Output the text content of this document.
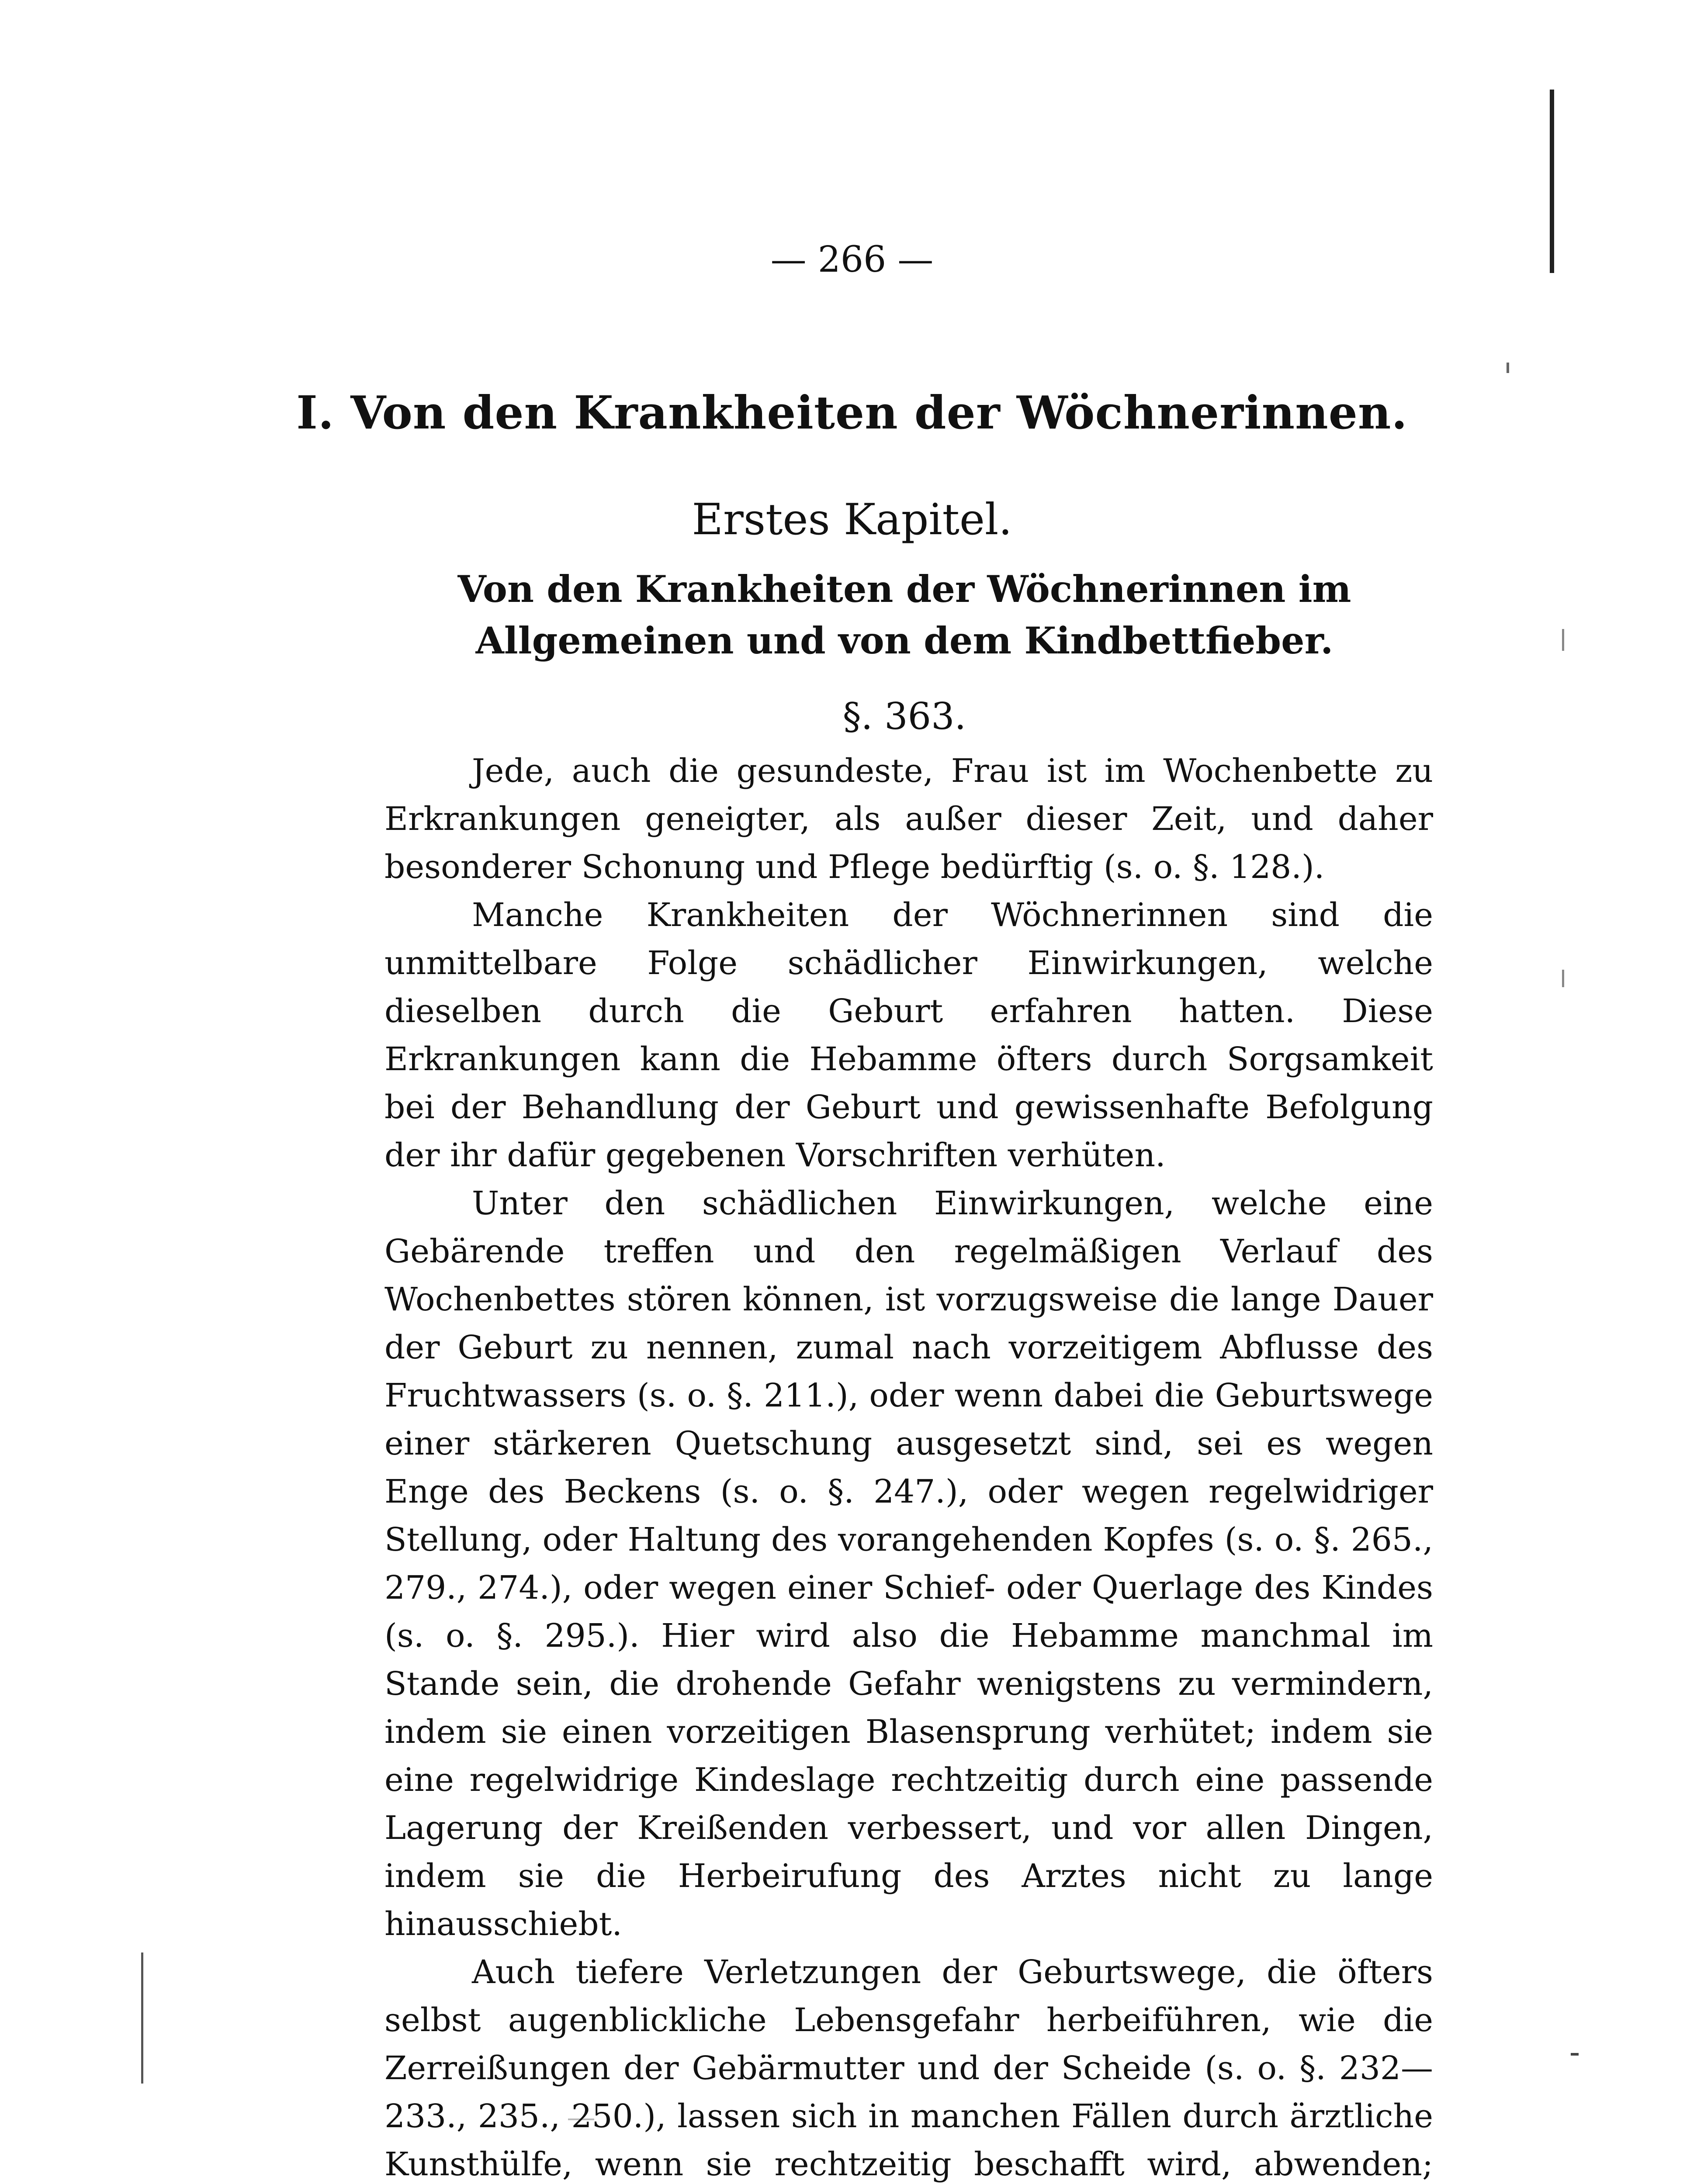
— 266 —
I. Von den Krankheiten der Wöchnerinnen.
Erstes Kapitel.
Von den Krankheiten der Wöchnerinnen im Allgemeinen und von dem Kindbettfieber.
§. 363.

Jede, auch die gesundeste, Frau ist im Wochenbette zu Erkrankungen geneigter, als außer dieser Zeit, und daher besonderer Schonung und Pflege bedürftig (s. o. §. 128.).

Manche Krankheiten der Wöchnerinnen sind die unmittelbare Folge schädlicher Einwirkungen, welche dieselben durch die Geburt erfahren hatten. Diese Erkrankungen kann die Hebamme öfters durch Sorgsamkeit bei der Behandlung der Geburt und gewissenhafte Befolgung der ihr dafür gegebenen Vorschriften verhüten.

Unter den schädlichen Einwirkungen, welche eine Gebärende treffen und den regelmäßigen Verlauf des Wochenbettes stören können, ist vorzugsweise die lange Dauer der Geburt zu nennen, zumal nach vorzeitigem Abflusse des Fruchtwassers (s. o. §. 211.), oder wenn dabei die Geburtswege einer stärkeren Quetschung ausgesetzt sind, sei es wegen Enge des Beckens (s. o. §. 247.), oder wegen regelwidriger Stellung, oder Haltung des vorangehenden Kopfes (s. o. §. 265., 279., 274.), oder wegen einer Schief- oder Querlage des Kindes (s. o. §. 295.). Hier wird also die Hebamme manchmal im Stande sein, die drohende Gefahr wenigstens zu vermindern, indem sie einen vorzeitigen Blasensprung verhütet; indem sie eine regelwidrige Kindeslage rechtzeitig durch eine passende Lagerung der Kreißenden verbessert, und vor allen Dingen, indem sie die Herbeirufung des Arztes nicht zu lange hinausschiebt.

Auch tiefere Verletzungen der Geburtswege, die öfters selbst augenblickliche Lebensgefahr herbeiführen, wie die Zerreißungen der Gebärmutter und der Scheide (s. o. §. 232—233., 235., 250.), lassen sich in manchen Fällen durch ärztliche Kunsthülfe, wenn sie rechtzeitig beschafft wird, abwenden;
